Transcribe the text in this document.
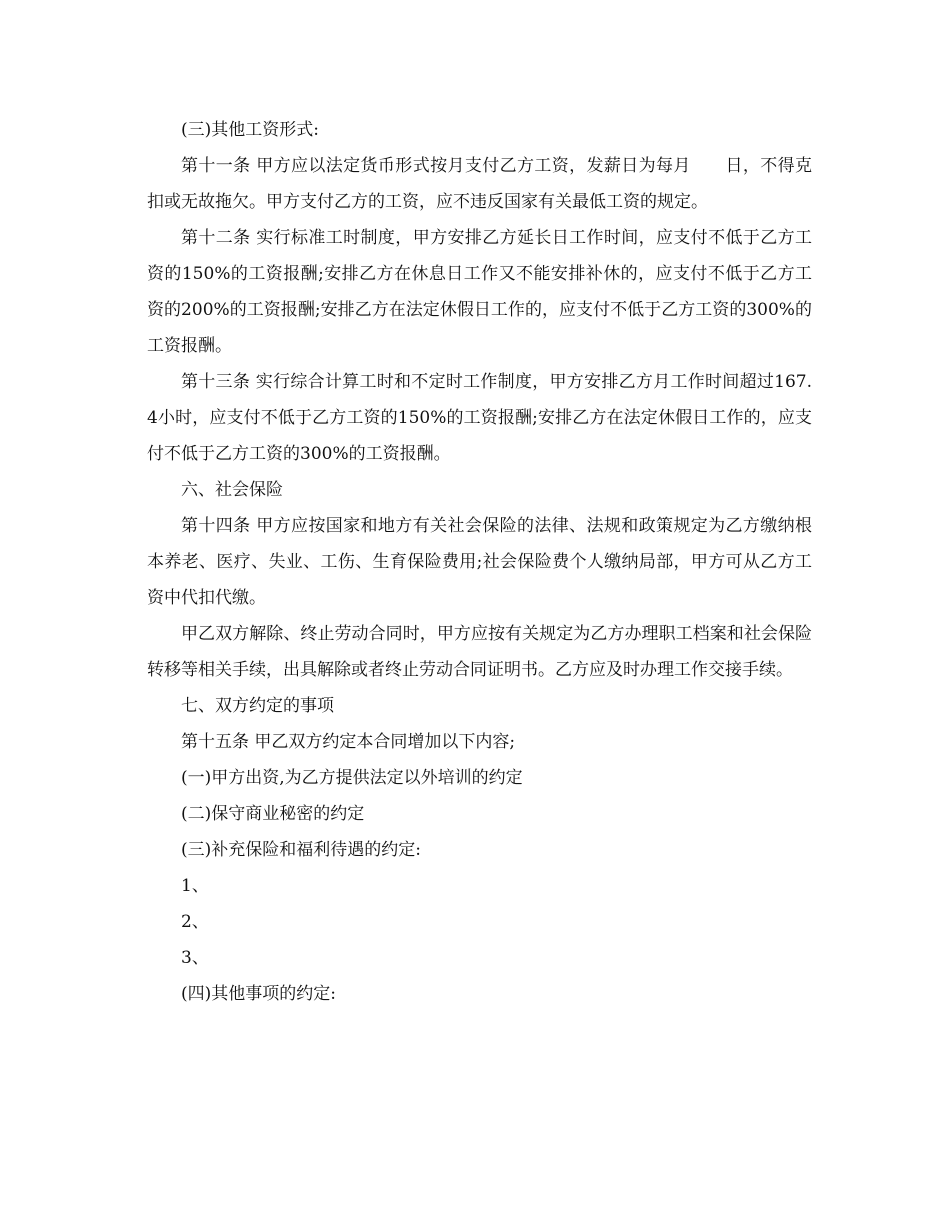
(三)其他工资形式:

第十一条 甲方应以法定货币形式按月支付乙方工资，发薪日为每月　　日，不得克扣或无故拖欠。甲方支付乙方的工资，应不违反国家有关最低工资的规定。

第十二条 实行标准工时制度，甲方安排乙方延长日工作时间，应支付不低于乙方工资的150%的工资报酬;安排乙方在休息日工作又不能安排补休的，应支付不低于乙方工资的200%的工资报酬;安排乙方在法定休假日工作的，应支付不低于乙方工资的300%的工资报酬。

第十三条 实行综合计算工时和不定时工作制度，甲方安排乙方月工作时间超过167.4小时，应支付不低于乙方工资的150%的工资报酬;安排乙方在法定休假日工作的，应支付不低于乙方工资的300%的工资报酬。

六、社会保险

第十四条 甲方应按国家和地方有关社会保险的法律、法规和政策规定为乙方缴纳根本养老、医疗、失业、工伤、生育保险费用;社会保险费个人缴纳局部，甲方可从乙方工资中代扣代缴。

甲乙双方解除、终止劳动合同时，甲方应按有关规定为乙方办理职工档案和社会保险转移等相关手续，出具解除或者终止劳动合同证明书。乙方应及时办理工作交接手续。

七、双方约定的事项

第十五条 甲乙双方约定本合同增加以下内容;

(一)甲方出资,为乙方提供法定以外培训的约定

(二)保守商业秘密的约定

(三)补充保险和福利待遇的约定:

1、

2、

3、

(四)其他事项的约定:
